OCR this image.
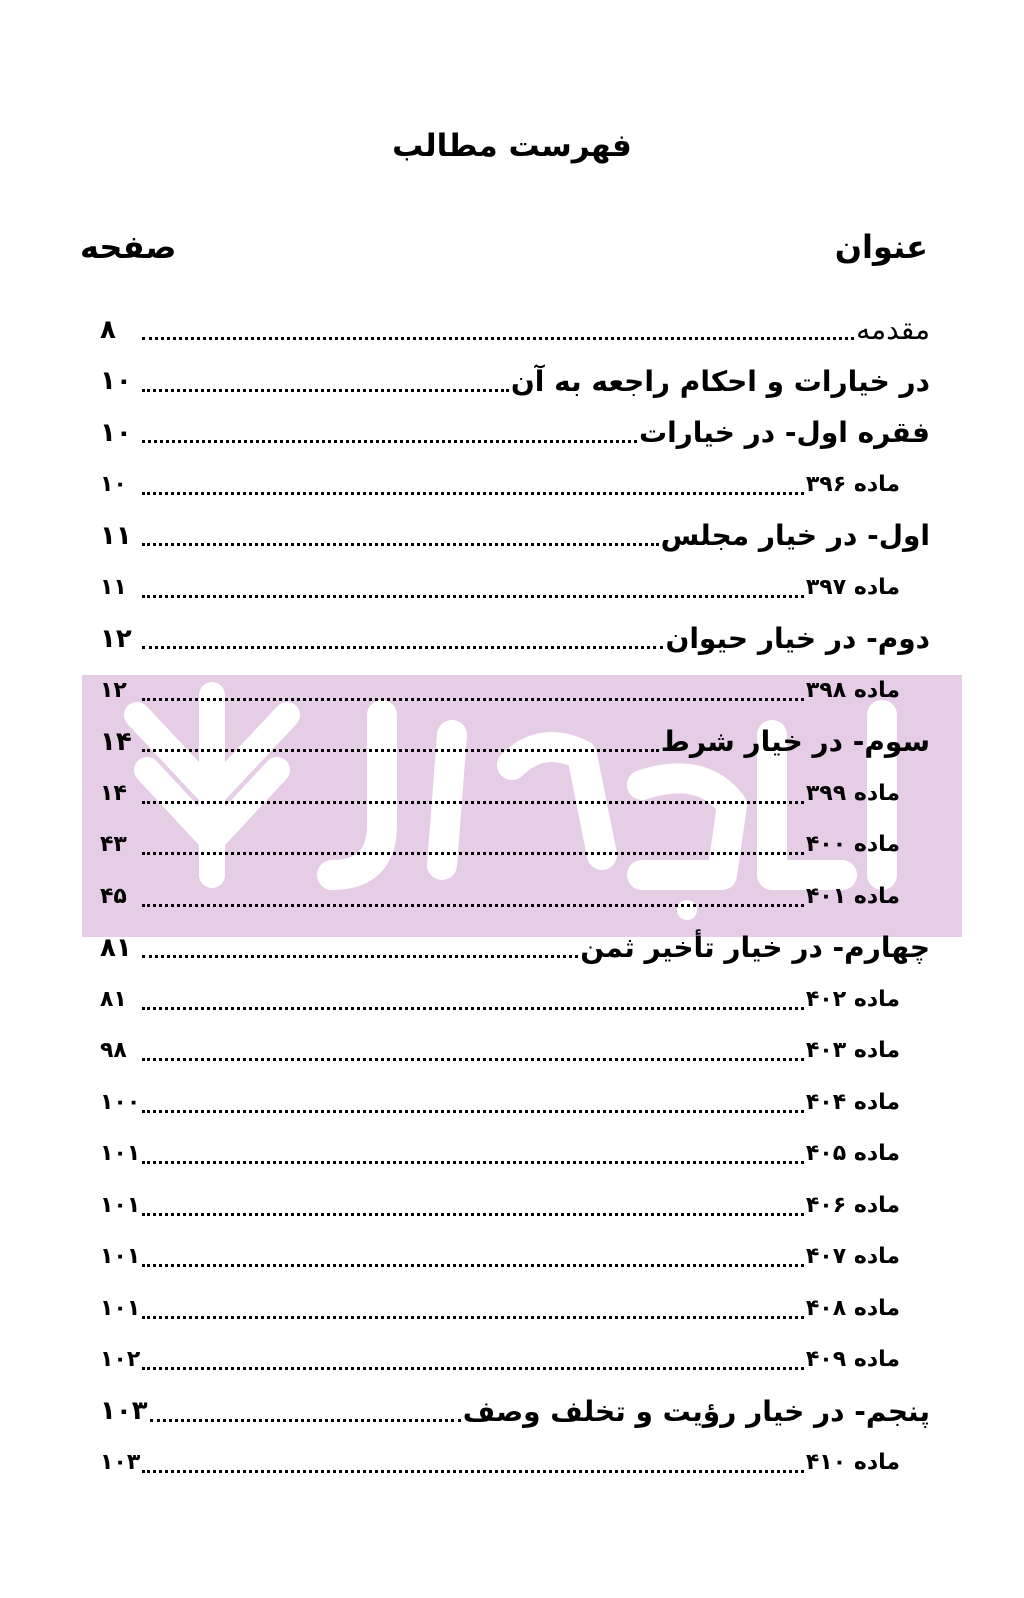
فهرست مطالب
عنوان
صفحه
مقدمه
۸
در خیارات و احکام راجعه به آن
۱۰
فقره اول- در خیارات
۱۰
ماده ۳۹۶
۱۰
اول- در خیار مجلس
۱۱
ماده ۳۹۷
۱۱
دوم- در خیار حیوان
۱۲
ماده ۳۹۸
۱۲
سوم- در خیار شرط
۱۴
ماده ۳۹۹
۱۴
ماده ۴۰۰
۴۳
ماده ۴۰۱
۴۵
چهارم- در خیار تأخیر ثمن
۸۱
ماده ۴۰۲
۸۱
ماده ۴۰۳
۹۸
ماده ۴۰۴
۱۰۰
ماده ۴۰۵
۱۰۱
ماده ۴۰۶
۱۰۱
ماده ۴۰۷
۱۰۱
ماده ۴۰۸
۱۰۱
ماده ۴۰۹
۱۰۲
پنجم- در خیار رؤیت و تخلف وصف
۱۰۳
ماده ۴۱۰
۱۰۳
